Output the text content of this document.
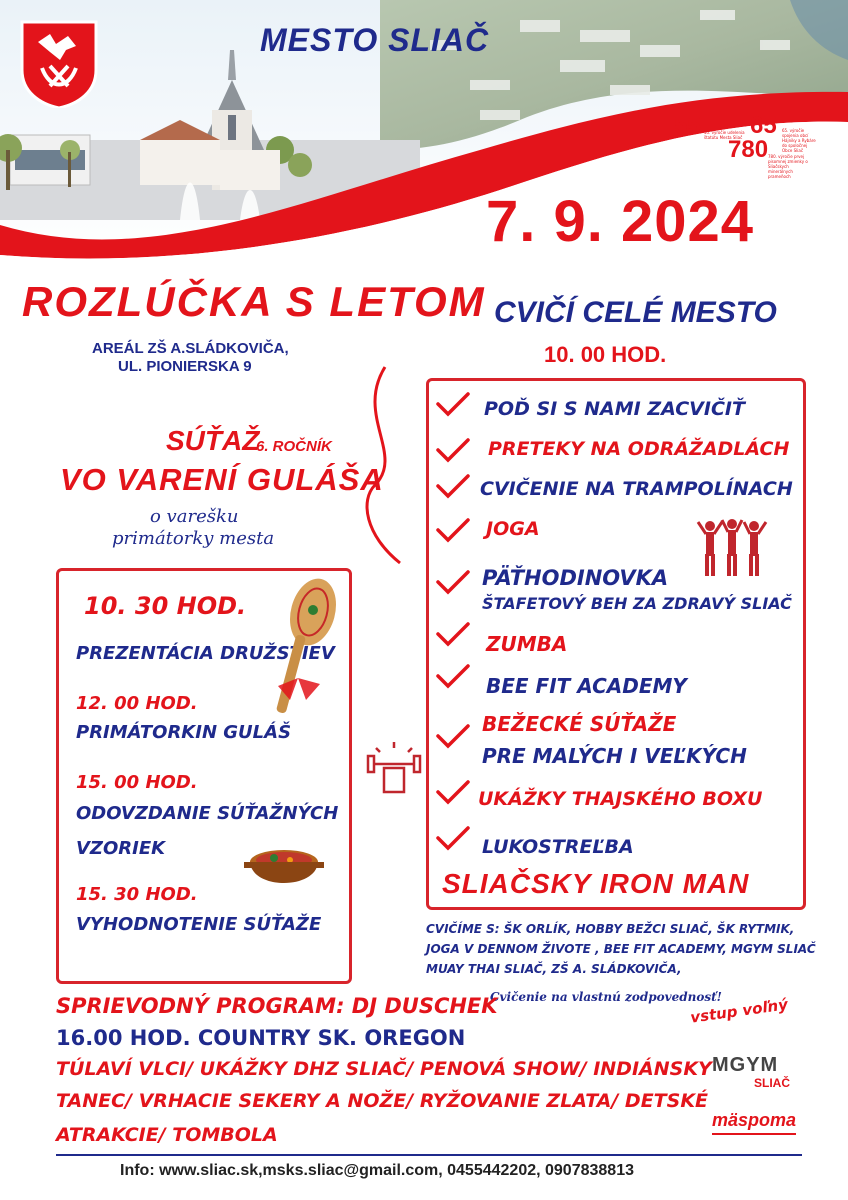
MESTO SLIAČ
55 55. výročie udelenia štatútu Mesta Sliač 65 65. výročie spojenia obcí Hájniky a Rybáre do spoločnej Obce Sliač
780 780. výročie prvej písomnej zmienky o Sliačskych minerálnych prameňoch
7. 9. 2024
ROZLÚČKA S LETOM
AREÁL ZŠ A.SLÁDKOVIČA,
UL. PIONIERSKA 9
CVIČÍ CELÉ MESTO
10. 00 HOD.
SÚŤAŽ
6. ROČNÍK
VO VARENÍ GULÁŠA
o varešku
primátorky mesta
10. 30 HOD.
PREZENTÁCIA DRUŽSTIEV
12. 00 HOD.
PRIMÁTORKIN GULÁŠ
15. 00 HOD.
ODOVZDANIE SÚŤAŽNÝCH
VZORIEK
15. 30 HOD.
VYHODNOTENIE SÚŤAŽE
POĎ SI S NAMI ZACVIČIŤ
PRETEKY NA ODRÁŽADLÁCH
CVIČENIE NA TRAMPOLÍNACH
JOGA
PÄŤHODINOVKA
ŠTAFETOVÝ BEH ZA ZDRAVÝ SLIAČ
ZUMBA
BEE FIT ACADEMY
BEŽECKÉ SÚŤAŽE
PRE MALÝCH I VEĽKÝCH
UKÁŽKY THAJSKÉHO BOXU
LUKOSTREĽBA
SLIAČSKY IRON MAN
CVIČÍME S: ŠK ORLÍK, HOBBY BEŽCI SLIAČ, ŠK RYTMIK,
JOGA V DENNOM ŽIVOTE , BEE FIT ACADEMY, MGYM SLIAČ
MUAY THAI SLIAČ, ZŠ A. SLÁDKOVIČA,
Cvičenie na vlastnú zodpovednosť!
vstup voľný
SPRIEVODNÝ PROGRAM: DJ DUSCHEK
16.00 HOD. COUNTRY SK. OREGON
TÚLAVÍ VLCI/ UKÁŽKY DHZ SLIAČ/ PENOVÁ SHOW/ INDIÁNSKY
TANEC/ VRHACIE SEKERY A NOŽE/ RYŽOVANIE ZLATA/ DETSKÉ
ATRAKCIE/ TOMBOLA
MGYM
SLIAČ
mäspoma
Info: www.sliac.sk,msks.sliac@gmail.com, 0455442202, 0907838813
